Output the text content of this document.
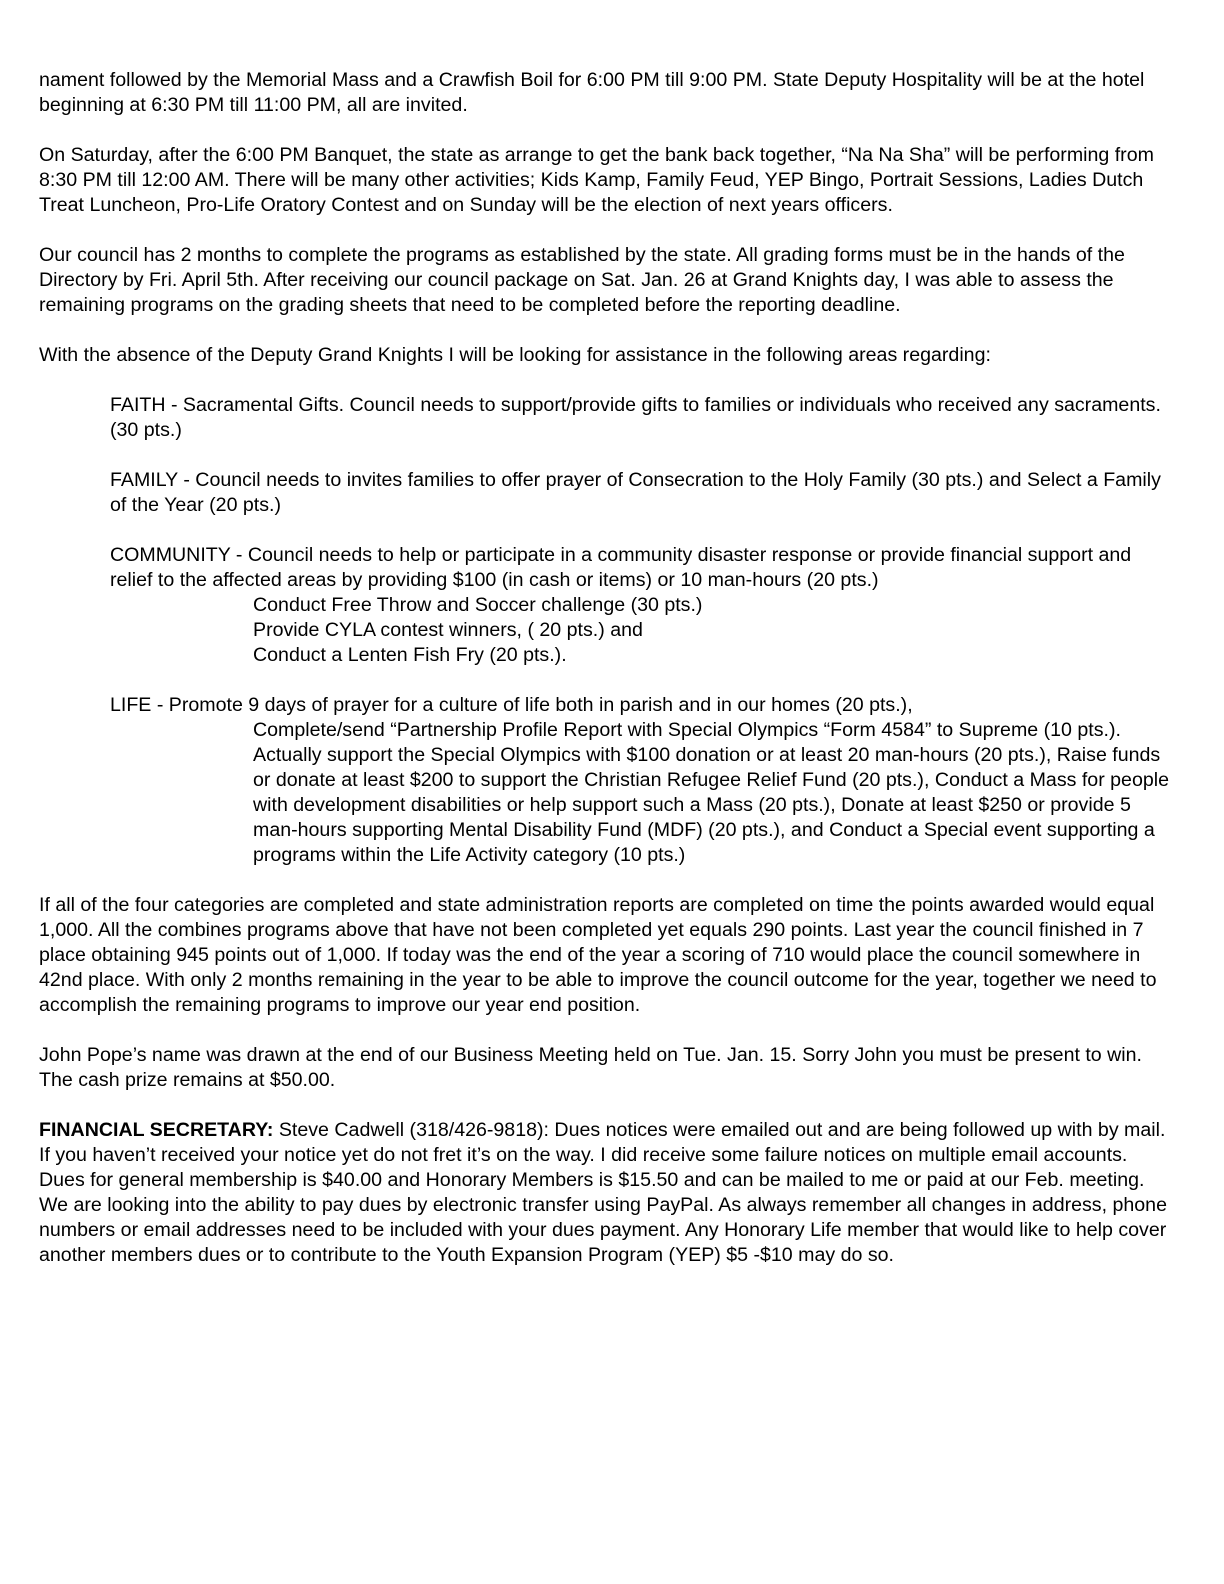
nament followed by the Memorial Mass and a Crawfish Boil for 6:00 PM till 9:00 PM. State Deputy Hospitality will be at the hotel beginning at 6:30 PM till 11:00 PM, all are invited.

On Saturday, after the 6:00 PM Banquet, the state as arrange to get the bank back together, “Na Na Sha” will be performing from 8:30 PM till 12:00 AM. There will be many other activities; Kids Kamp, Family Feud, YEP Bingo, Portrait Sessions, Ladies Dutch Treat Luncheon, Pro-Life Oratory Contest and on Sunday will be the election of next years officers.

Our council has 2 months to complete the programs as established by the state. All grading forms must be in the hands of the Directory by Fri. April 5th. After receiving our council package on Sat. Jan. 26 at Grand Knights day, I was able to assess the remaining programs on the grading sheets that need to be completed before the reporting deadline.

With the absence of the Deputy Grand Knights I will be looking for assistance in the following areas regarding:

FAITH - Sacramental Gifts. Council needs to support/provide gifts to families or individuals who received any sacraments. (30 pts.)

FAMILY - Council needs to invites families to offer prayer of Consecration to the Holy Family (30 pts.) and Select a Family of the Year (20 pts.)

COMMUNITY - Council needs to help or participate in a community disaster response or provide financial support and relief to the affected areas by providing $100 (in cash or items) or 10 man-hours (20 pts.)
Conduct Free Throw and Soccer challenge (30 pts.)
Provide CYLA contest winners, ( 20 pts.) and
Conduct a Lenten Fish Fry (20 pts.).
LIFE - Promote 9 days of prayer for a culture of life both in parish and in our homes (20 pts.),
Complete/send “Partnership Profile Report with Special Olympics “Form 4584” to Supreme (10 pts.). Actually support the Special Olympics with $100 donation or at least 20 man-hours (20 pts.), Raise funds or donate at least $200 to support the Christian Refugee Relief Fund (20 pts.), Conduct a Mass for people with development disabilities or help support such a Mass (20 pts.), Donate at least $250 or provide 5 man-hours supporting Mental Disability Fund (MDF) (20 pts.), and Conduct a Special event supporting a programs within the Life Activity category (10 pts.)

If all of the four categories are completed and state administration reports are completed on time the points awarded would equal 1,000. All the combines programs above that have not been completed yet equals 290 points. Last year the council finished in 7 place obtaining 945 points out of 1,000. If today was the end of the year a scoring of 710 would place the council somewhere in 42nd place. With only 2 months remaining in the year to be able to improve the council outcome for the year, together we need to accomplish the remaining programs to improve our year end position.

John Pope’s name was drawn at the end of our Business Meeting held on Tue. Jan. 15. Sorry John you must be present to win. The cash prize remains at $50.00.

FINANCIAL SECRETARY: Steve Cadwell (318/426-9818): Dues notices were emailed out and are being followed up with by mail. If you haven’t received your notice yet do not fret it’s on the way. I did receive some failure notices on multiple email accounts. Dues for general membership is $40.00 and Honorary Members is $15.50 and can be mailed to me or paid at our Feb. meeting. We are looking into the ability to pay dues by electronic transfer using PayPal. As always remember all changes in address, phone numbers or email addresses need to be included with your dues payment. Any Honorary Life member that would like to help cover another members dues or to contribute to the Youth Expansion Program (YEP) $5 -$10 may do so.
